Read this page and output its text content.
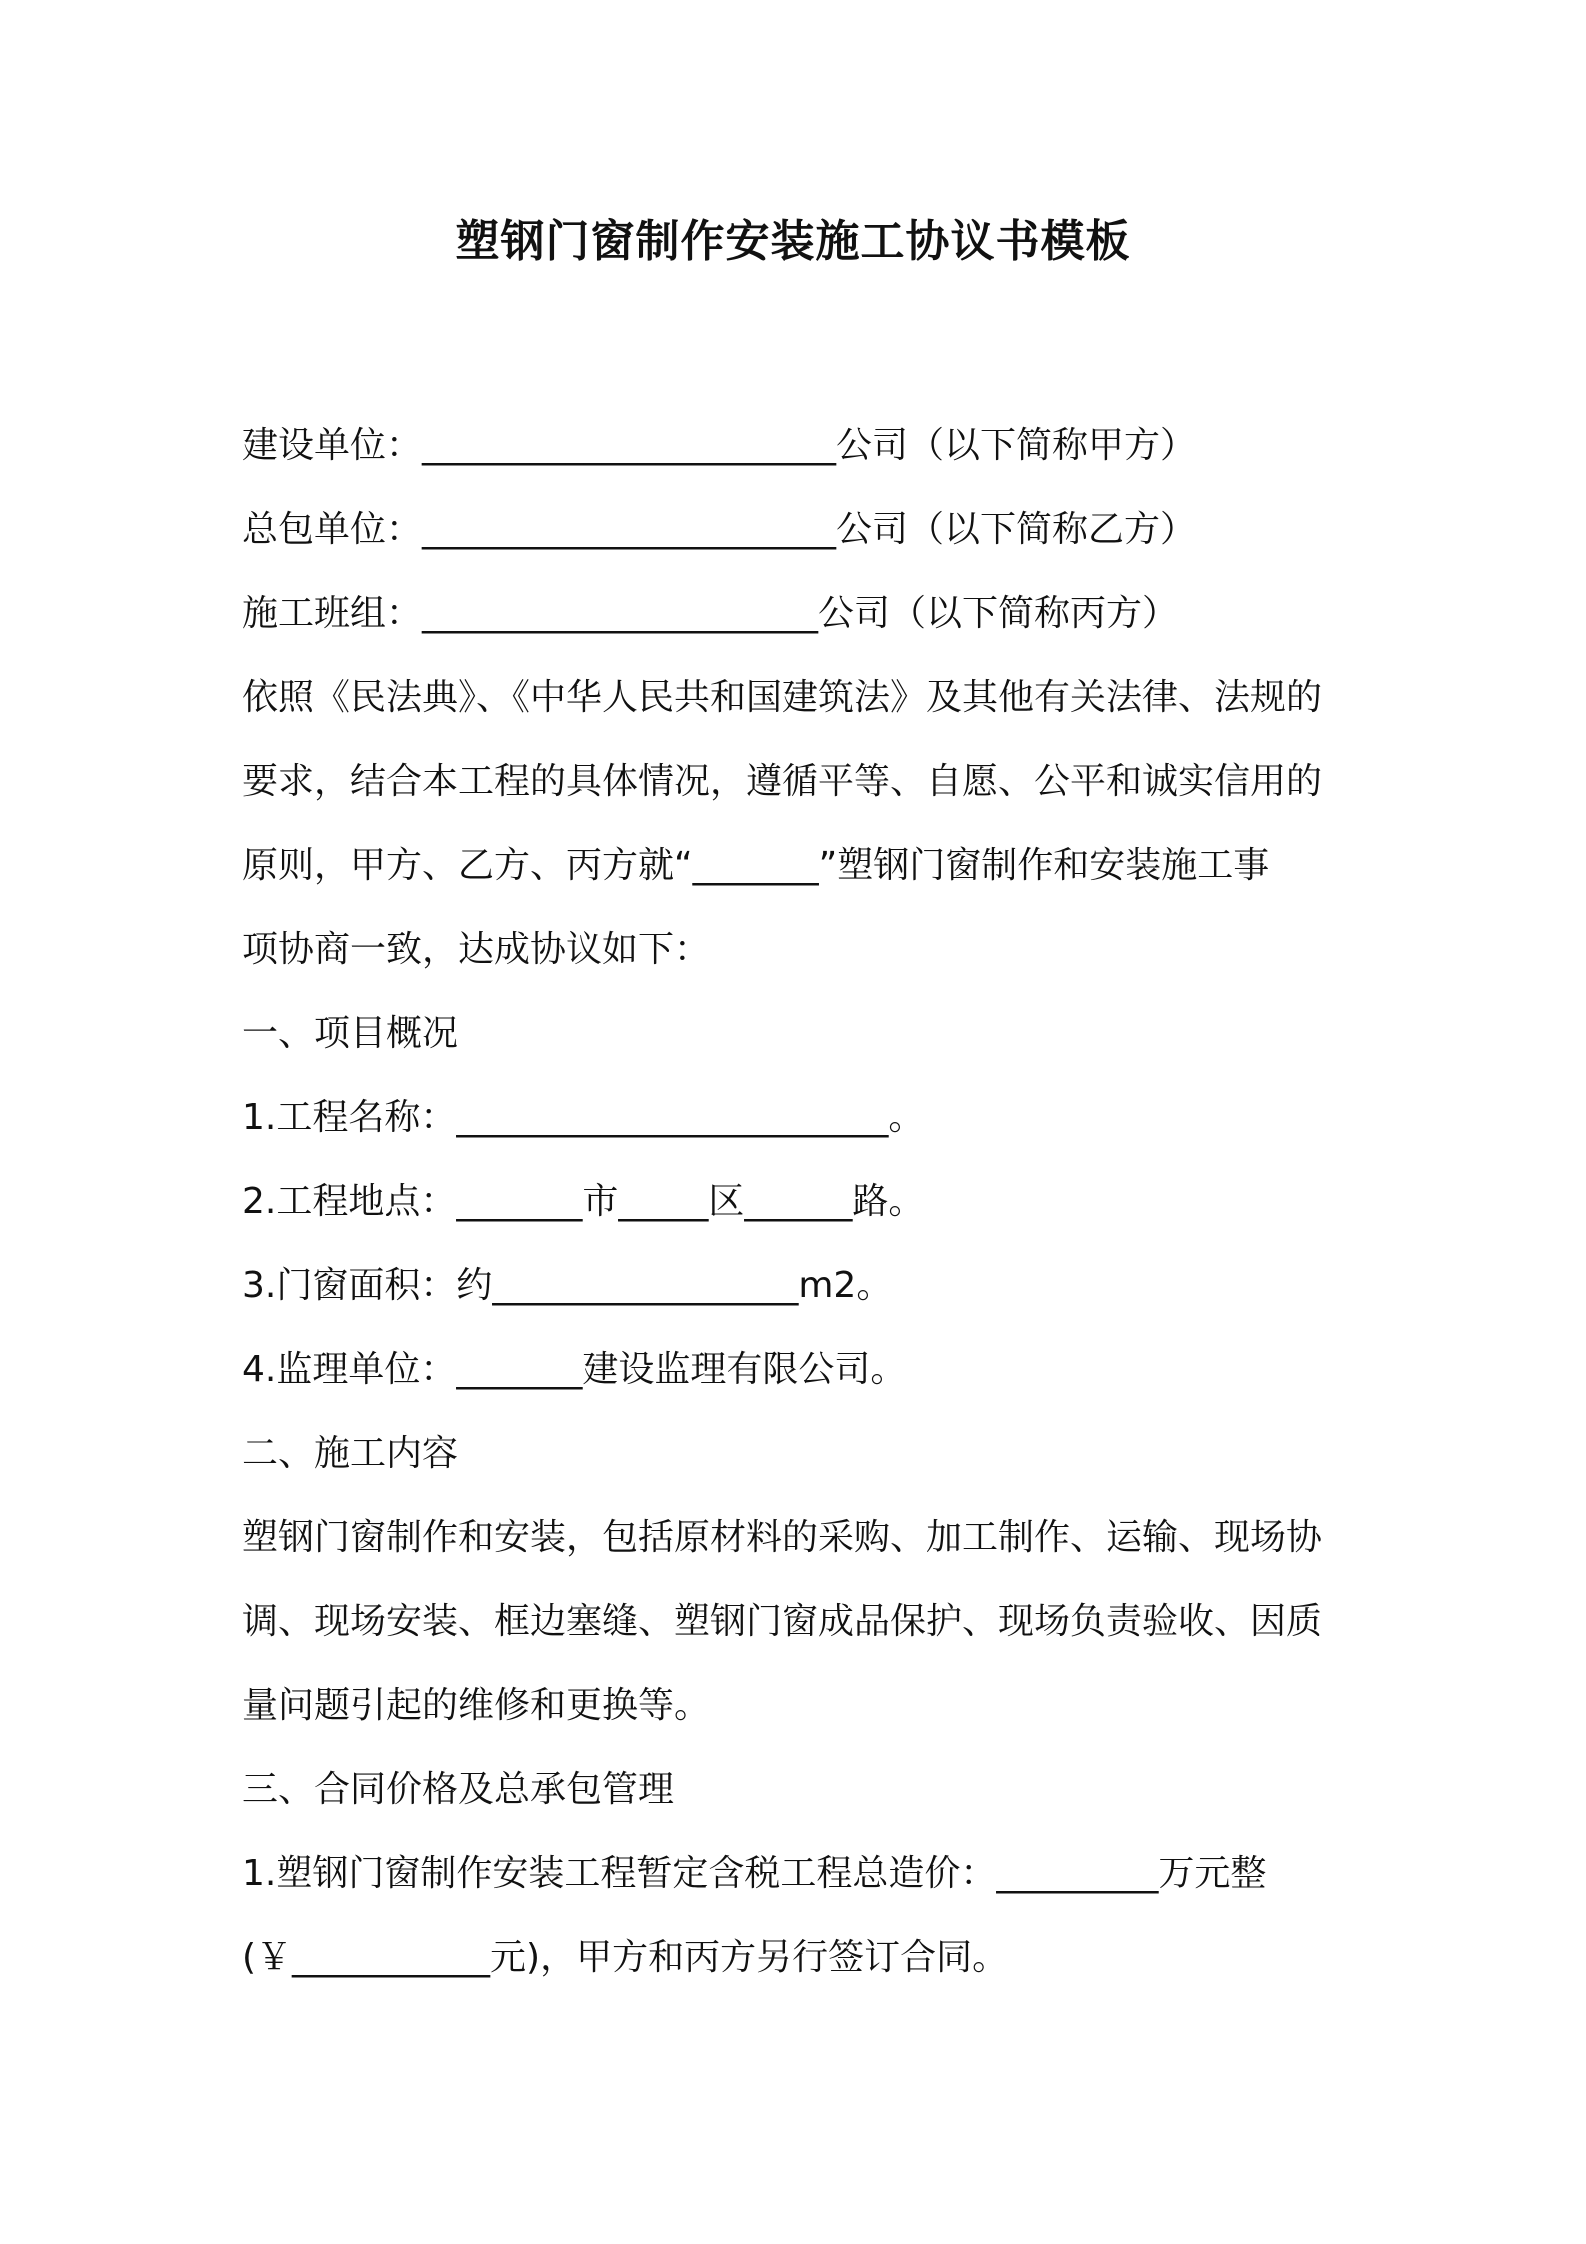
塑钢门窗制作安装施工协议书模板
建设单位：_______________________公司（以下简称甲方）
总包单位：_______________________公司（以下简称乙方）
施工班组：______________________公司（以下简称丙方）
依照《民法典》、《中华人民共和国建筑法》及其他有关法律、法规的
要求，结合本工程的具体情况，遵循平等、自愿、公平和诚实信用的
原则，甲方、乙方、丙方就“_______”塑钢门窗制作和安装施工事
项协商一致，达成协议如下：
一、项目概况
1.工程名称：________________________。
2.工程地点：_______市_____区______路。
3.门窗面积：约_________________m2。
4.监理单位：_______建设监理有限公司。
二、施工内容
塑钢门窗制作和安装，包括原材料的采购、加工制作、运输、现场协
调、现场安装、框边塞缝、塑钢门窗成品保护、现场负责验收、因质
量问题引起的维修和更换等。
三、合同价格及总承包管理
1.塑钢门窗制作安装工程暂定含税工程总造价：_________万元整
(￥___________元)，甲方和丙方另行签订合同。
